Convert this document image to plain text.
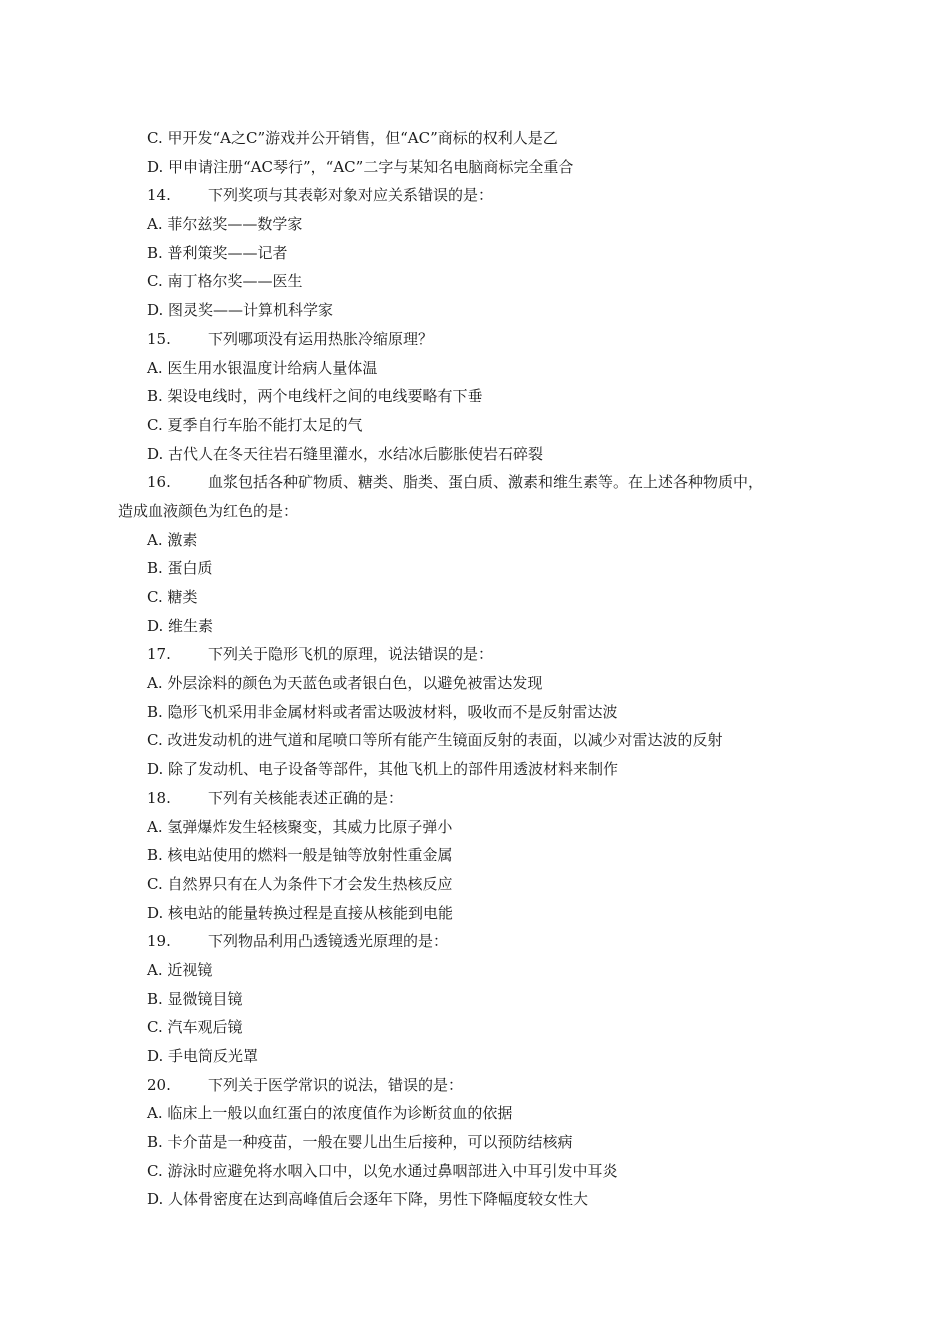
C. 甲开发“A之C”游戏并公开销售，但“AC”商标的权利人是乙
D. 甲申请注册“AC琴行”，“AC”二字与某知名电脑商标完全重合
14. 下列奖项与其表彰对象对应关系错误的是：
A. 菲尔兹奖——数学家
B. 普利策奖——记者
C. 南丁格尔奖——医生
D. 图灵奖——计算机科学家
15. 下列哪项没有运用热胀冷缩原理？
A. 医生用水银温度计给病人量体温
B. 架设电线时，两个电线杆之间的电线要略有下垂
C. 夏季自行车胎不能打太足的气
D. 古代人在冬天往岩石缝里灌水，水结冰后膨胀使岩石碎裂
16. 血浆包括各种矿物质、糖类、脂类、蛋白质、激素和维生素等。在上述各种物质中，
造成血液颜色为红色的是：
A. 激素
B. 蛋白质
C. 糖类
D. 维生素
17. 下列关于隐形飞机的原理，说法错误的是：
A. 外层涂料的颜色为天蓝色或者银白色，以避免被雷达发现
B. 隐形飞机采用非金属材料或者雷达吸波材料，吸收而不是反射雷达波
C. 改进发动机的进气道和尾喷口等所有能产生镜面反射的表面，以减少对雷达波的反射
D. 除了发动机、电子设备等部件，其他飞机上的部件用透波材料来制作
18. 下列有关核能表述正确的是：
A. 氢弹爆炸发生轻核聚变，其威力比原子弹小
B. 核电站使用的燃料一般是铀等放射性重金属
C. 自然界只有在人为条件下才会发生热核反应
D. 核电站的能量转换过程是直接从核能到电能
19. 下列物品利用凸透镜透光原理的是：
A. 近视镜
B. 显微镜目镜
C. 汽车观后镜
D. 手电筒反光罩
20. 下列关于医学常识的说法，错误的是：
A. 临床上一般以血红蛋白的浓度值作为诊断贫血的依据
B. 卡介苗是一种疫苗，一般在婴儿出生后接种，可以预防结核病
C. 游泳时应避免将水咽入口中，以免水通过鼻咽部进入中耳引发中耳炎
D. 人体骨密度在达到高峰值后会逐年下降，男性下降幅度较女性大
